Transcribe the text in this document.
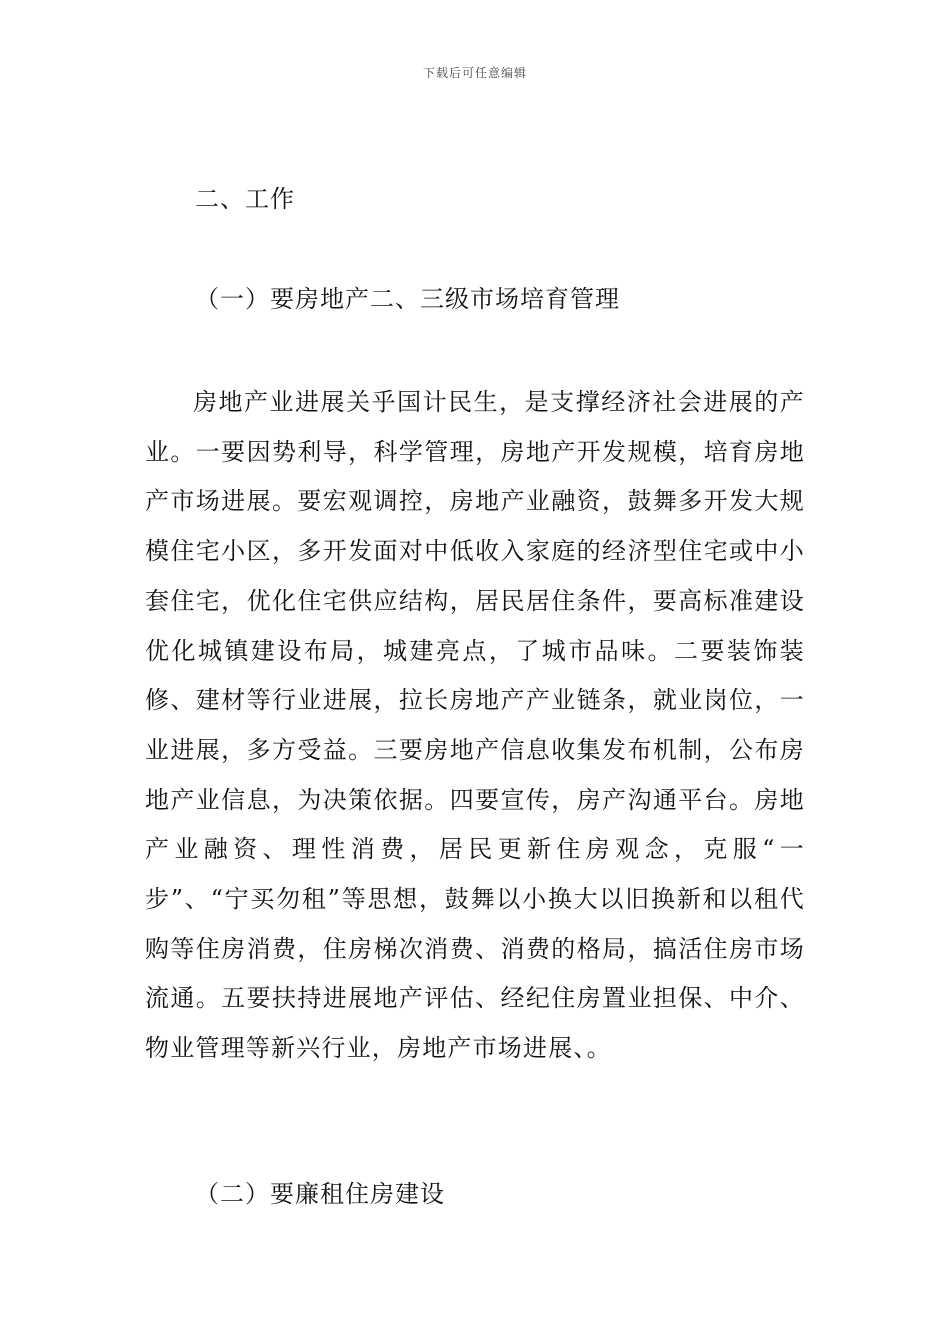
下载后可任意编辑
二、工作
（一）要房地产二、三级市场培育管理

房地产业进展关乎国计民生，是支撑经济社会进展的产业。一要因势利导，科学管理，房地产开发规模，培育房地产市场进展。要宏观调控，房地产业融资，鼓舞多开发大规模住宅小区，多开发面对中低收入家庭的经济型住宅或中小套住宅，优化住宅供应结构，居民居住条件，要高标准建设优化城镇建设布局，城建亮点，了城市品味。二要装饰装修、建材等行业进展，拉长房地产产业链条，就业岗位，一业进展，多方受益。三要房地产信息收集发布机制，公布房地产业信息，为决策依据。四要宣传，房产沟通平台。房地产业融资、理性消费，居民更新住房观念，克服“一步”、“宁买勿租”等思想，鼓舞以小换大以旧换新和以租代购等住房消费，住房梯次消费、消费的格局，搞活住房市场流通。五要扶持进展地产评估、经纪住房置业担保、中介、物业管理等新兴行业，房地产市场进展、。

（二）要廉租住房建设
